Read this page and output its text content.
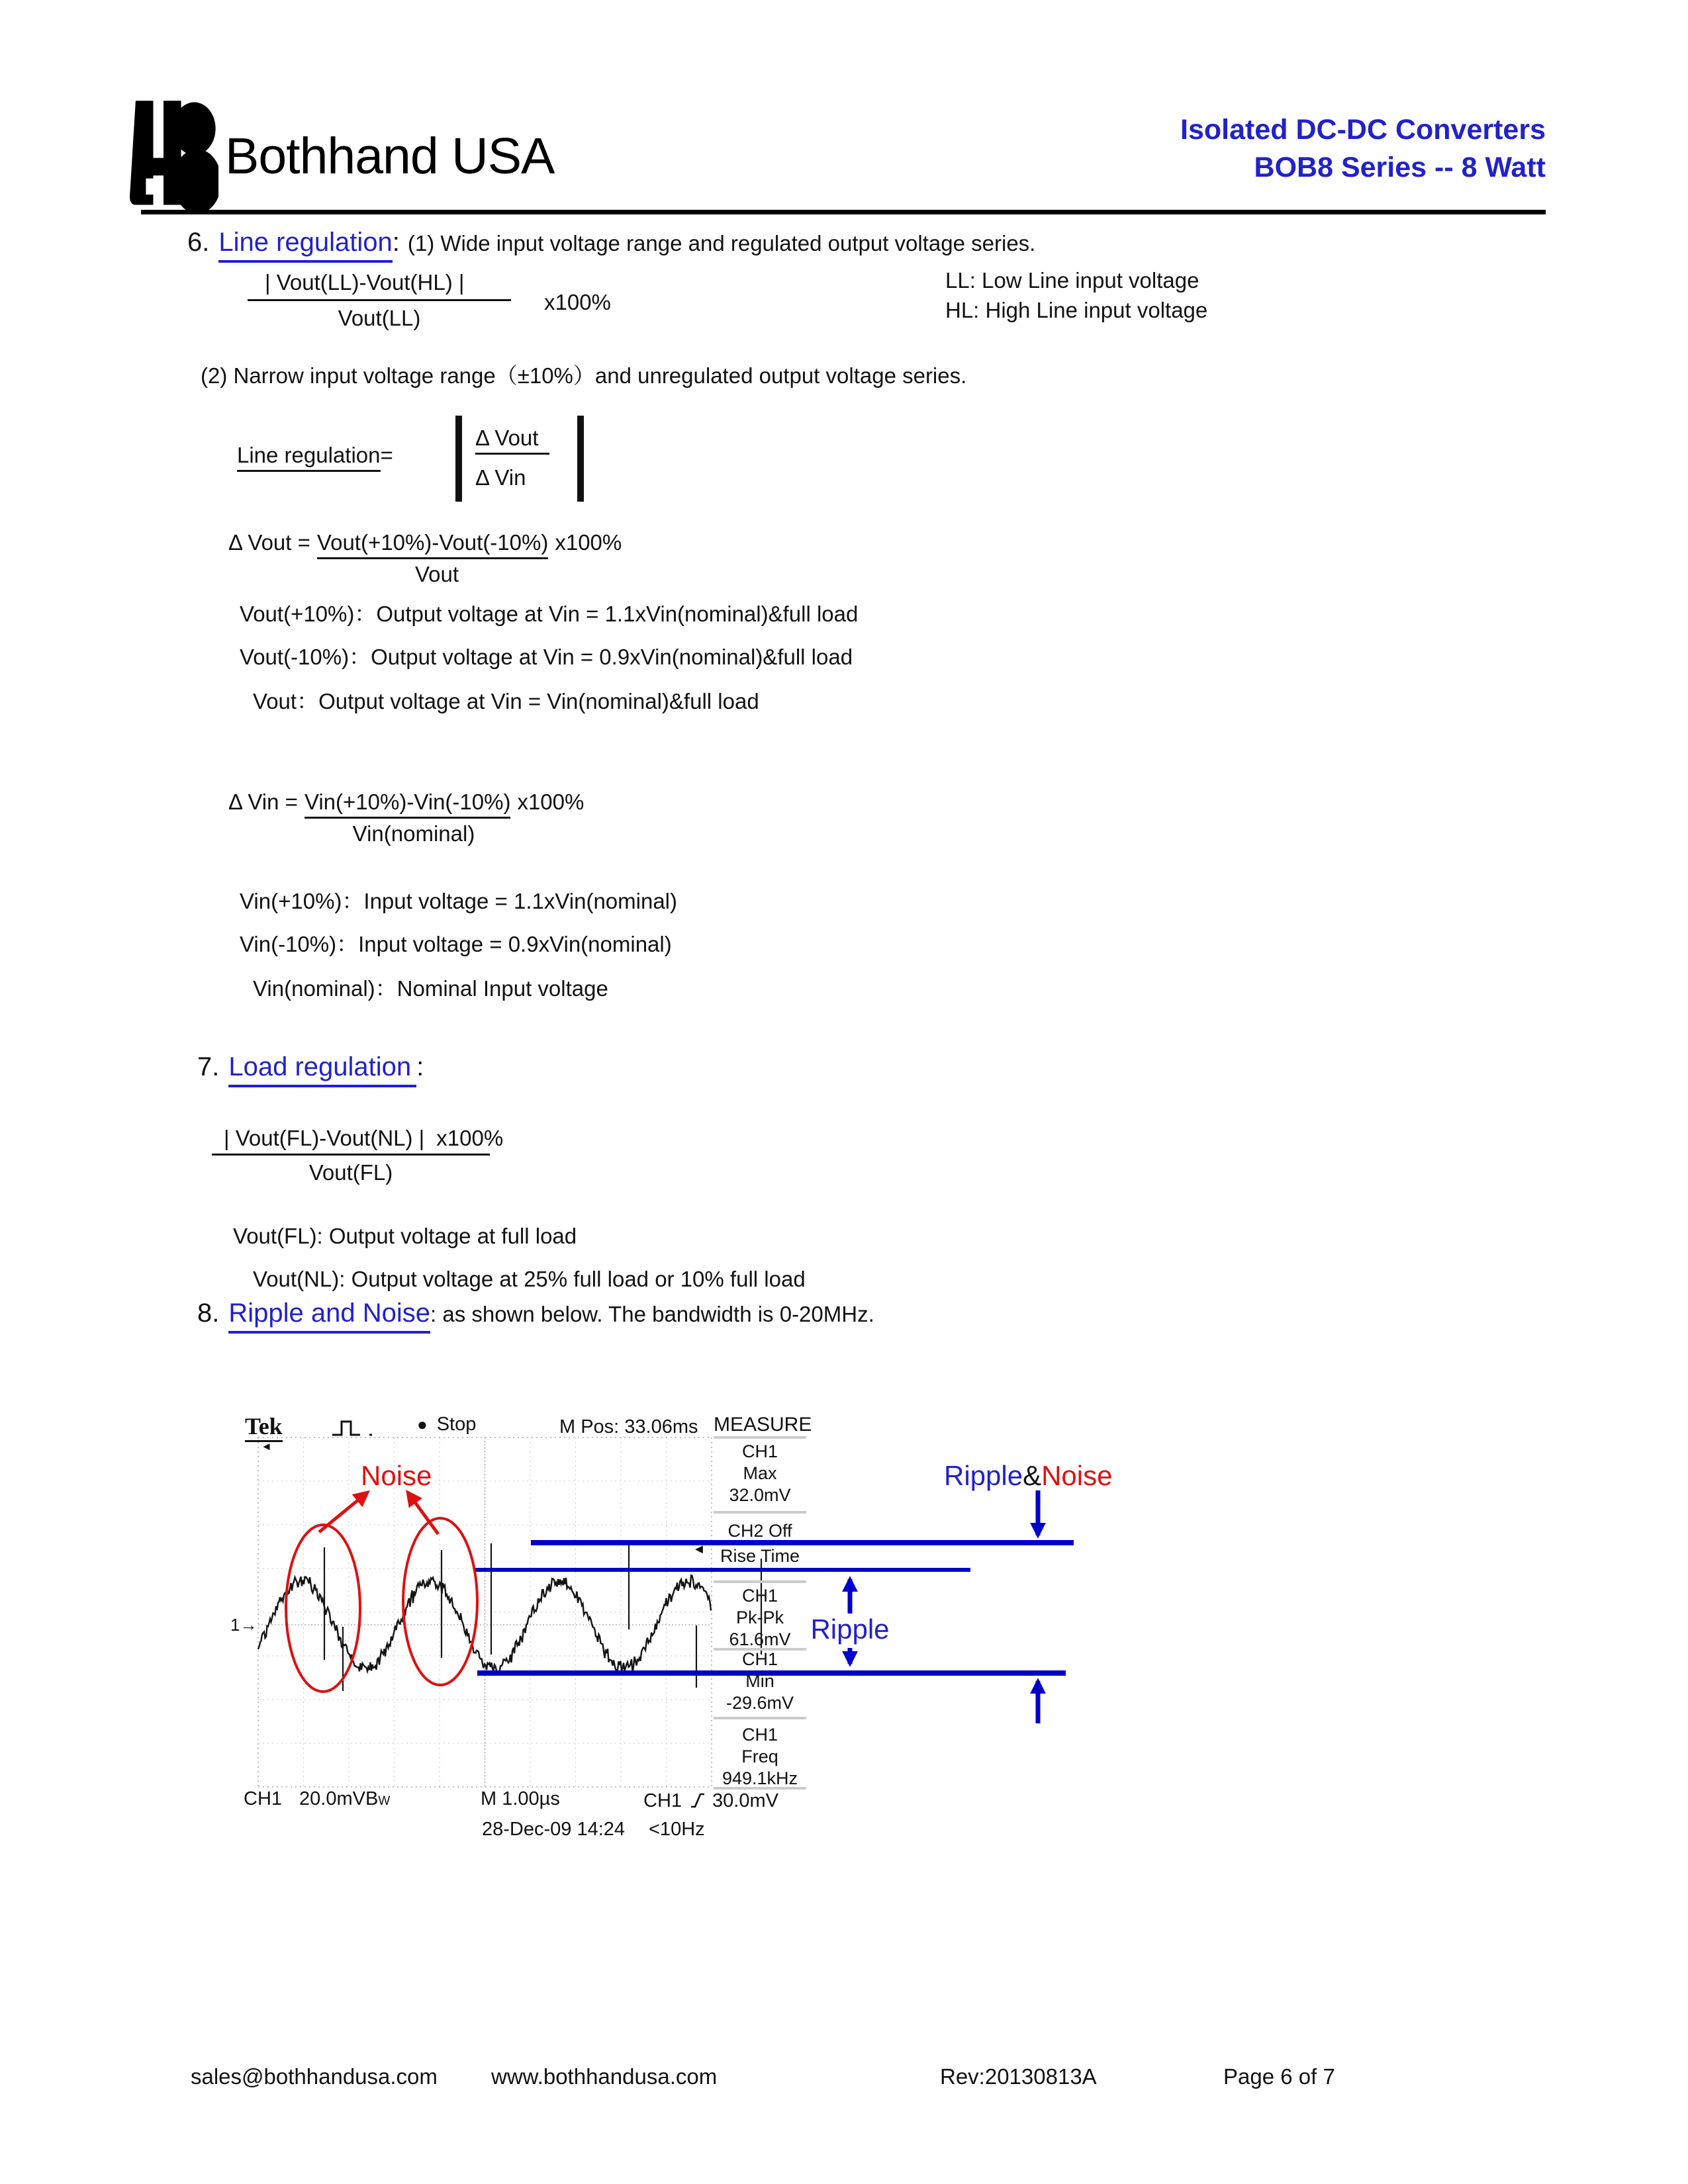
Bothhand USA	Isolated DC-DC Converters
BOB8 Series -- 8 Watt
6. Line regulation : (1) Wide input voltage range and regulated output voltage series.
| Vout(LL)-Vout(HL) |
Vout(LL)
x100%
LL: Low Line input voltage
HL: High Line input voltage
(2) Narrow input voltage range（±10%）and unregulated output voltage series.
Line regulation =
Δ Vout
Δ Vin
Δ Vout = Vout(+10%)-Vout(-10%) x100%
Vout
Vout(+10%)：Output voltage at Vin = 1.1xVin(nominal)&full load
Vout(-10%)：Output voltage at Vin = 0.9xVin(nominal)&full load
Vout：Output voltage at Vin = Vin(nominal)&full load
Δ Vin = Vin(+10%)-Vin(-10%) x100%
Vin(nominal)
Vin(+10%)：Input voltage = 1.1xVin(nominal)
Vin(-10%)：Input voltage = 0.9xVin(nominal)
Vin(nominal)：Nominal Input voltage
7. Load regulation :
| Vout(FL)-Vout(NL) | x100%
Vout(FL)
Vout(FL): Output voltage at full load
Vout(NL): Output voltage at 25% full load or 10% full load
8. Ripple and Noise : as shown below. The bandwidth is 0-20MHz.
Tek
◄
● Stop	M Pos: 33.06ms MEASURE
1→
CH1
Max
32.0mV
◄
CH2 Off
Rise Time
CH1
Pk-Pk
61.6mV
CH1
Min
-29.6mV
CH1
Freq
949.1kHz
CH1 20.0mV B W	M 1.00µs	CH1 30.0mV
28-Dec-09 14:24 <10Hz
Noise	Ripple & Noise
Ripple
sales@bothhandusa.com www.bothhandusa.com	Rev:20130813A	Page 6 of 7
